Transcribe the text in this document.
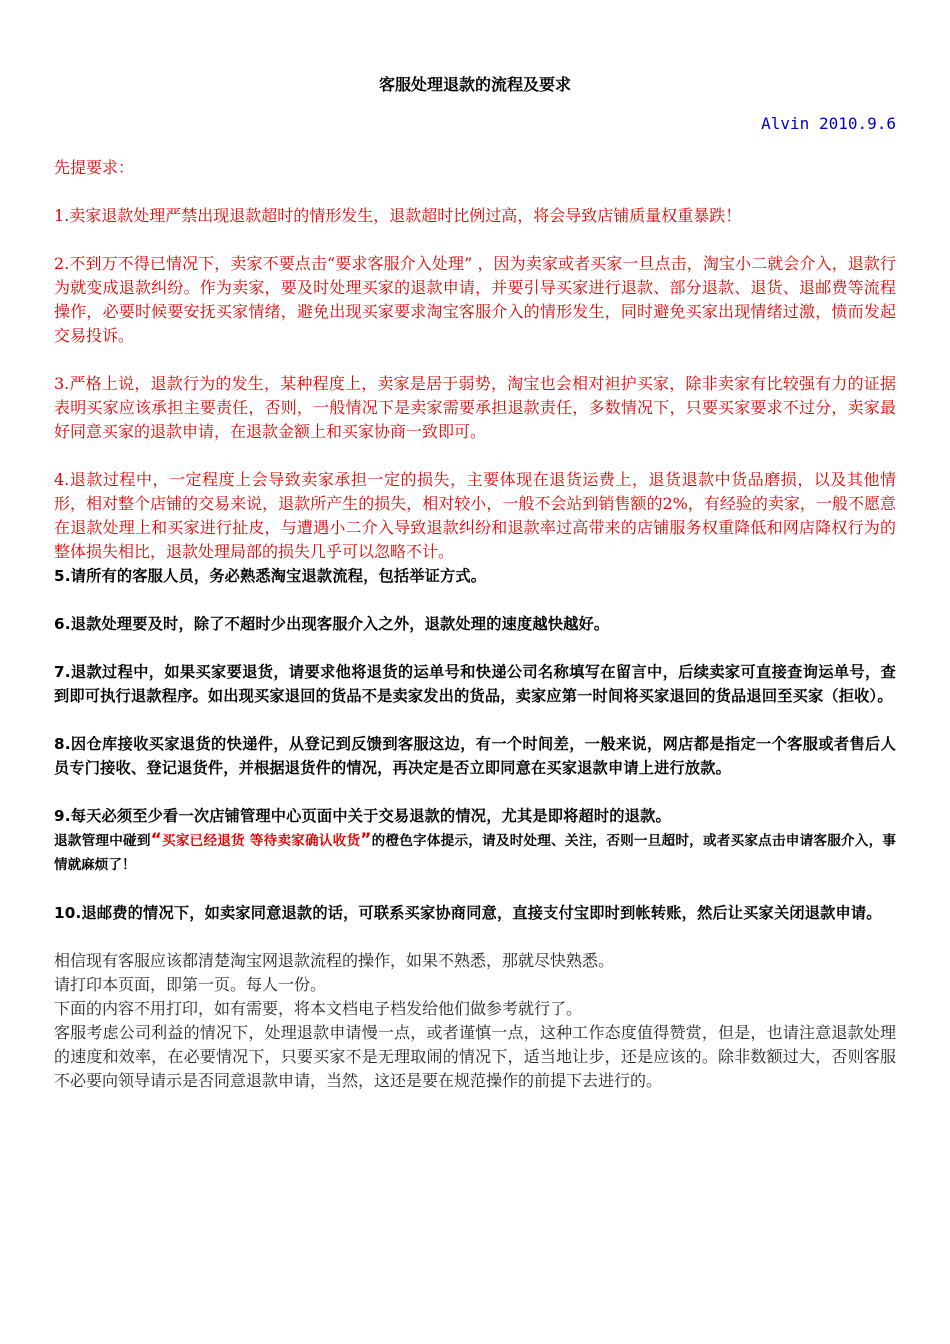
客服处理退款的流程及要求
Alvin 2010.9.6

先提要求：

1.卖家退款处理严禁出现退款超时的情形发生，退款超时比例过高，将会导致店铺质量权重暴跌！

2.不到万不得已情况下，卖家不要点击“要求客服介入处理” ，因为卖家或者买家一旦点击，淘宝小二就会介入，退款行为就变成退款纠纷。作为卖家，要及时处理买家的退款申请，并要引导买家进行退款、部分退款、退货、退邮费等流程操作，必要时候要安抚买家情绪，避免出现买家要求淘宝客服介入的情形发生，同时避免买家出现情绪过激，愤而发起交易投诉。

3.严格上说，退款行为的发生，某种程度上，卖家是居于弱势，淘宝也会相对袒护买家，除非卖家有比较强有力的证据表明买家应该承担主要责任，否则，一般情况下是卖家需要承担退款责任，多数情况下，只要买家要求不过分，卖家最好同意买家的退款申请，在退款金额上和买家协商一致即可。

4.退款过程中，一定程度上会导致卖家承担一定的损失，主要体现在退货运费上，退货退款中货品磨损，以及其他情形，相对整个店铺的交易来说，退款所产生的损失，相对较小，一般不会站到销售额的2%，有经验的卖家，一般不愿意在退款处理上和买家进行扯皮，与遭遇小二介入导致退款纠纷和退款率过高带来的店铺服务权重降低和网店降权行为的整体损失相比，退款处理局部的损失几乎可以忽略不计。

5.请所有的客服人员，务必熟悉淘宝退款流程，包括举证方式。

6.退款处理要及时，除了不超时少出现客服介入之外，退款处理的速度越快越好。

7.退款过程中，如果买家要退货，请要求他将退货的运单号和快递公司名称填写在留言中，后续卖家可直接查询运单号，查到即可执行退款程序。如出现买家退回的货品不是卖家发出的货品，卖家应第一时间将买家退回的货品退回至买家（拒收）。

8.因仓库接收买家退货的快递件，从登记到反馈到客服这边，有一个时间差，一般来说，网店都是指定一个客服或者售后人员专门接收、登记退货件，并根据退货件的情况，再决定是否立即同意在买家退款申请上进行放款。

9.每天必须至少看一次店铺管理中心页面中关于交易退款的情况，尤其是即将超时的退款。

退款管理中碰到“买家已经退货 等待卖家确认收货”的橙色字体提示，请及时处理、关注，否则一旦超时，或者买家点击申请客服介入，事情就麻烦了！

10.退邮费的情况下，如卖家同意退款的话，可联系买家协商同意，直接支付宝即时到帐转账，然后让买家关闭退款申请。

相信现有客服应该都清楚淘宝网退款流程的操作，如果不熟悉，那就尽快熟悉。

请打印本页面，即第一页。每人一份。

下面的内容不用打印，如有需要，将本文档电子档发给他们做参考就行了。

客服考虑公司利益的情况下，处理退款申请慢一点，或者谨慎一点，这种工作态度值得赞赏，但是，也请注意退款处理的速度和效率，在必要情况下，只要买家不是无理取闹的情况下，适当地让步，还是应该的。除非数额过大，否则客服不必要向领导请示是否同意退款申请，当然，这还是要在规范操作的前提下去进行的。
